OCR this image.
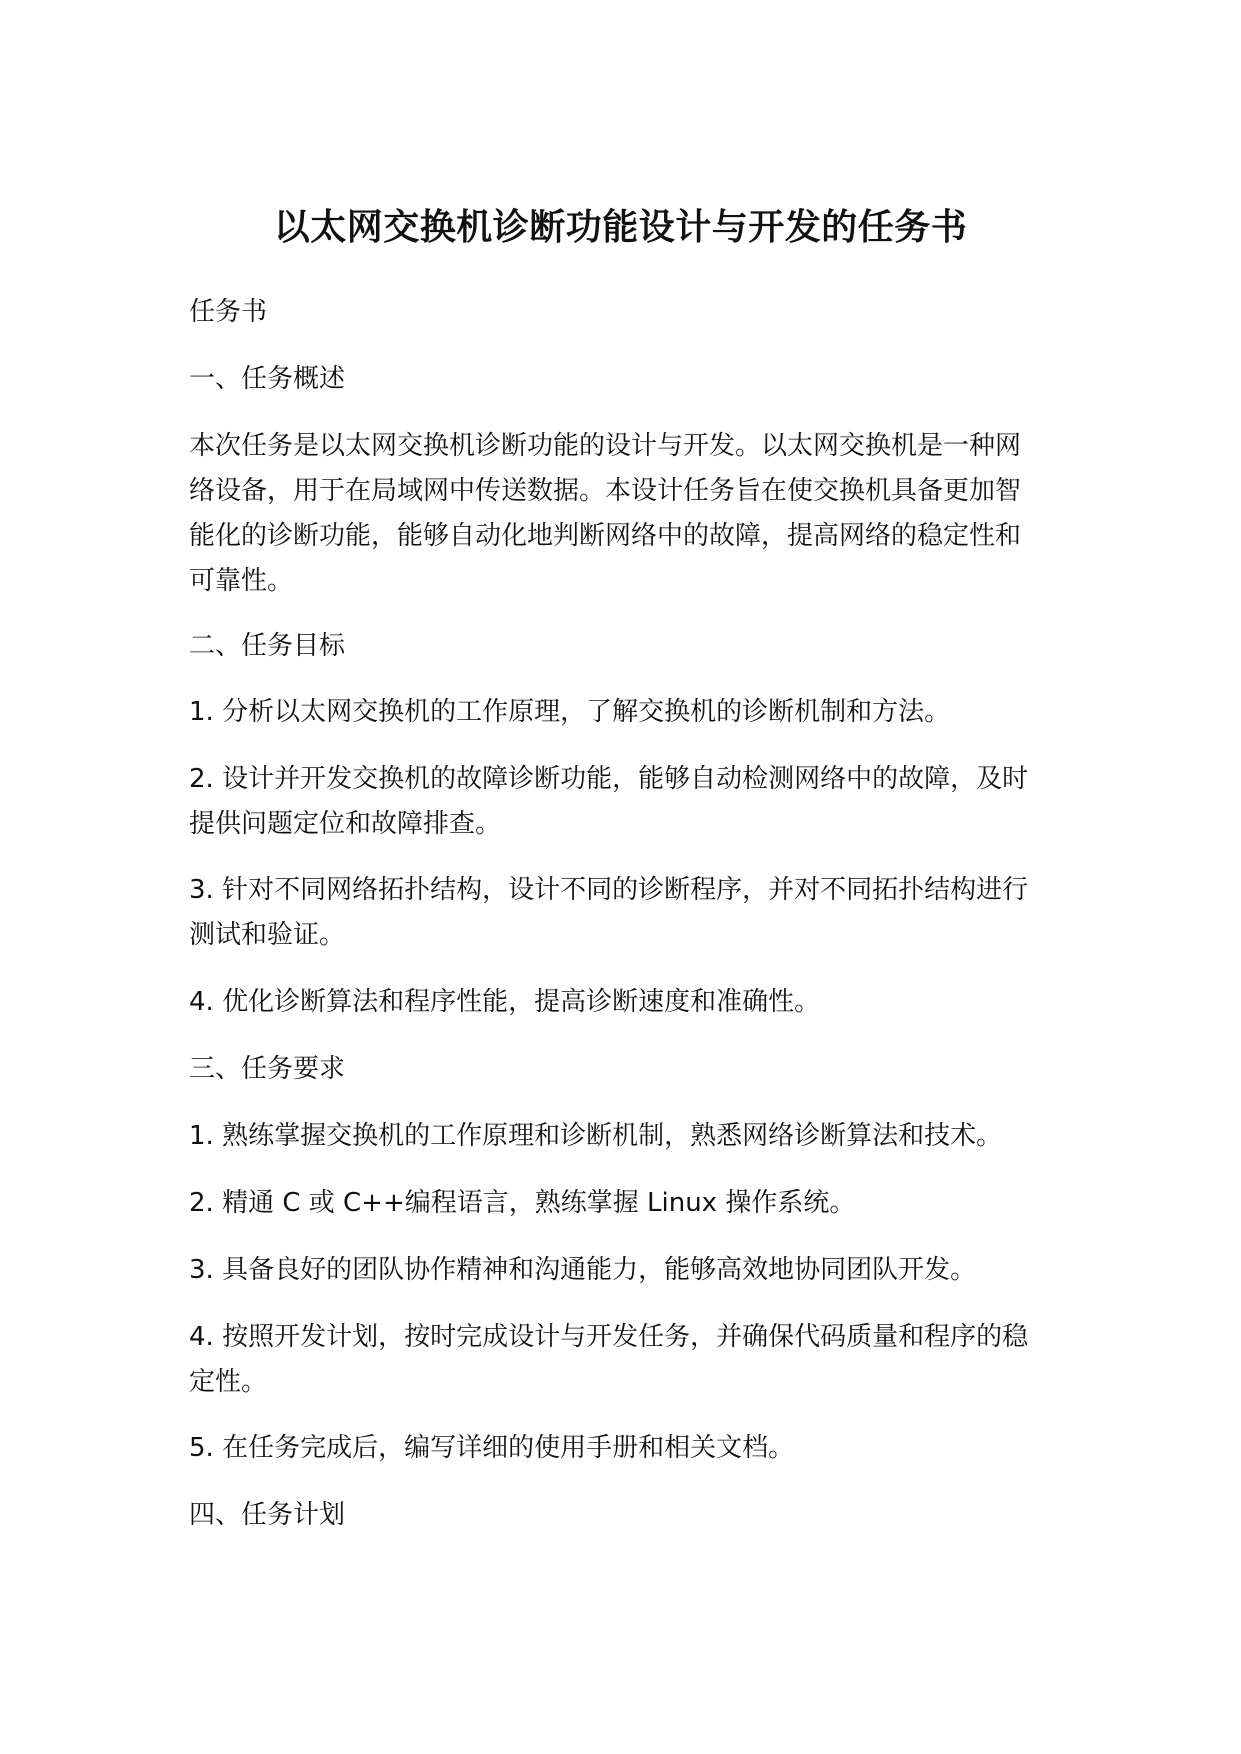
以太网交换机诊断功能设计与开发的任务书

任务书

一、任务概述

本次任务是以太网交换机诊断功能的设计与开发。以太网交换机是一种网络设备，用于在局域网中传送数据。本设计任务旨在使交换机具备更加智能化的诊断功能，能够自动化地判断网络中的故障，提高网络的稳定性和可靠性。

二、任务目标

1. 分析以太网交换机的工作原理，了解交换机的诊断机制和方法。

2. 设计并开发交换机的故障诊断功能，能够自动检测网络中的故障，及时提供问题定位和故障排查。

3. 针对不同网络拓扑结构，设计不同的诊断程序，并对不同拓扑结构进行测试和验证。

4. 优化诊断算法和程序性能，提高诊断速度和准确性。

三、任务要求

1. 熟练掌握交换机的工作原理和诊断机制，熟悉网络诊断算法和技术。

2. 精通 C 或 C++编程语言，熟练掌握 Linux 操作系统。

3. 具备良好的团队协作精神和沟通能力，能够高效地协同团队开发。

4. 按照开发计划，按时完成设计与开发任务，并确保代码质量和程序的稳定性。

5. 在任务完成后，编写详细的使用手册和相关文档。

四、任务计划
